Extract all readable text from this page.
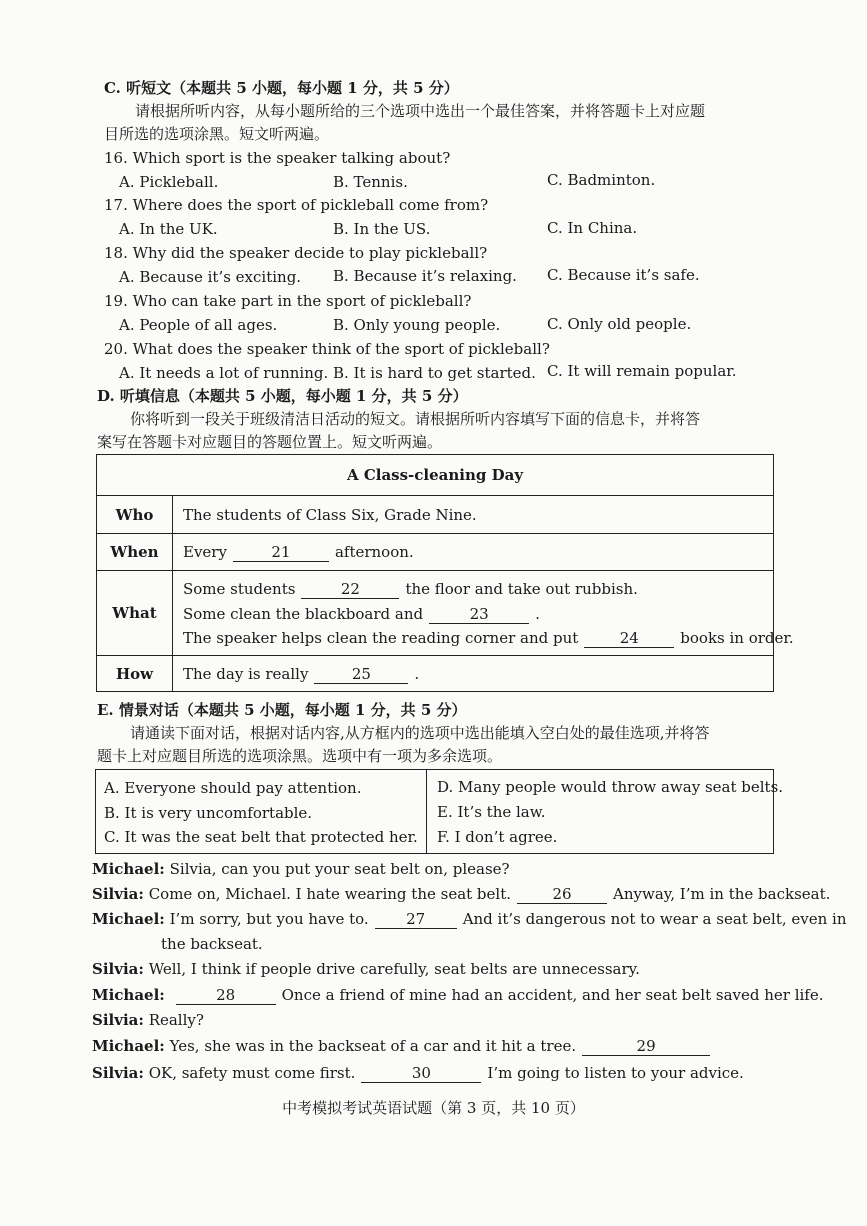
C. 听短文（本题共 5 小题，每小题 1 分，共 5 分）
请根据所听内容，从每小题所给的三个选项中选出一个最佳答案，并将答题卡上对应题
目所选的选项涂黑。短文听两遍。
16. Which sport is the speaker talking about?
A. Pickleball.	B. Tennis.	C. Badminton.
17. Where does the sport of pickleball come from?
A. In the UK.	B. In the US.	C. In China.
18. Why did the speaker decide to play pickleball?
A. Because it’s exciting. B. Because it’s relaxing. C. Because it’s safe.
19. Who can take part in the sport of pickleball?
A. People of all ages.	B. Only young people.	C. Only old people.
20. What does the speaker think of the sport of pickleball?
A. It needs a lot of running. B. It is hard to get started. C. It will remain popular.
D. 听填信息（本题共 5 小题，每小题 1 分，共 5 分）
你将听到一段关于班级清洁日活动的短文。请根据所听内容填写下面的信息卡，并将答
案写在答题卡对应题目的答题位置上。短文听两遍。
A Class-cleaning Day
Who	The students of Class Six, Grade Nine.
When	Every	21	afternoon.
What
Some students	22	the floor and take out rubbish.
Some clean the blackboard and	23	.
The speaker helps clean the reading corner and put	24	books in order.
How	The day is really	25	.
E. 情景对话（本题共 5 小题，每小题 1 分，共 5 分）
请通读下面对话，根据对话内容,从方框内的选项中选出能填入空白处的最佳选项,并将答
题卡上对应题目所选的选项涂黑。选项中有一项为多余选项。
A. Everyone should pay attention.
B. It is very uncomfortable.
C. It was the seat belt that protected her.
D. Many people would throw away seat belts.
E. It’s the law.
F. I don’t agree.
Michael: Silvia, can you put your seat belt on, please?
Silvia: Come on, Michael. I hate wearing the seat belt.	26	Anyway, I’m in the backseat.
Michael: I’m sorry, but you have to. 27 And it’s dangerous not to wear a seat belt, even in
the backseat.
Silvia: Well, I think if people drive carefully, seat belts are unnecessary.
Michael:	28	Once a friend of mine had an accident, and her seat belt saved her life.
Silvia: Really?
Michael: Yes, she was in the backseat of a car and it hit a tree.	29
Silvia: OK, safety must come first.	30	I’m going to listen to your advice.
中考模拟考试英语试题（第 3 页，共 10 页）
